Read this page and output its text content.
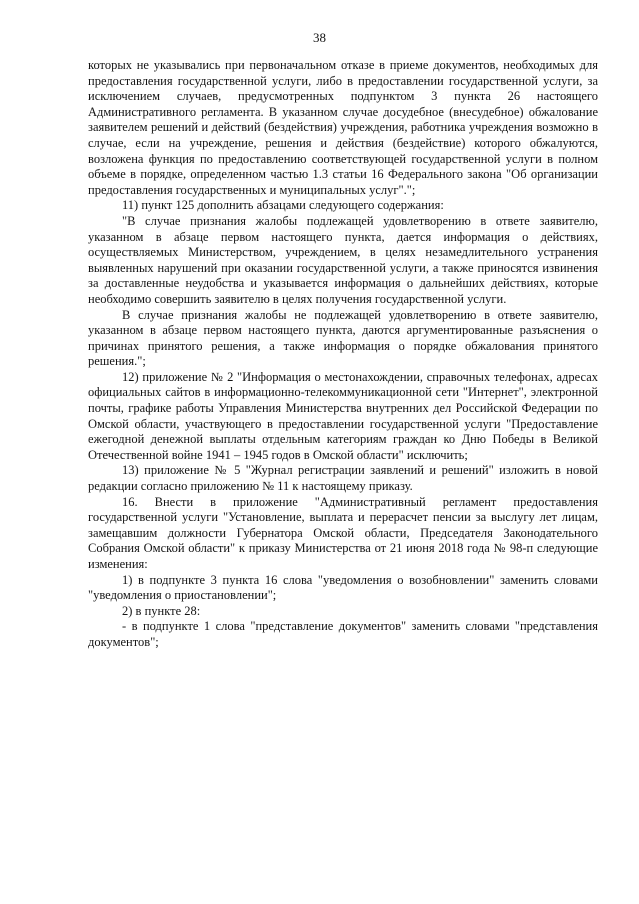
38

которых не указывались при первоначальном отказе в приеме документов, необходимых для предоставления государственной услуги, либо в предоставлении государственной услуги, за исключением случаев, предусмотренных подпунктом 3 пункта 26 настоящего Административного регламента. В указанном случае досудебное (внесудебное) обжалование заявителем решений и действий (бездействия) учреждения, работника учреждения возможно в случае, если на учреждение, решения и действия (бездействие) которого обжалуются, возложена функция по предоставлению соответствующей государственной услуги в полном объеме в порядке, определенном частью 1.3 статьи 16 Федерального закона "Об организации предоставления государственных и муниципальных услуг".";

11) пункт 125 дополнить абзацами следующего содержания:

"В случае признания жалобы подлежащей удовлетворению в ответе заявителю, указанном в абзаце первом настоящего пункта, дается информация о действиях, осуществляемых Министерством, учреждением, в целях незамедлительного устранения выявленных нарушений при оказании государственной услуги, а также приносятся извинения за доставленные неудобства и указывается информация о дальнейших действиях, которые необходимо совершить заявителю в целях получения государственной услуги.

В случае признания жалобы не подлежащей удовлетворению в ответе заявителю, указанном в абзаце первом настоящего пункта, даются аргументированные разъяснения о причинах принятого решения, а также информация о порядке обжалования принятого решения.";

12) приложение № 2 "Информация о местонахождении, справочных телефонах, адресах официальных сайтов в информационно-телекоммуникационной сети "Интернет", электронной почты, графике работы Управления Министерства внутренних дел Российской Федерации по Омской области, участвующего в предоставлении государственной услуги "Предоставление ежегодной денежной выплаты отдельным категориям граждан ко Дню Победы в Великой Отечественной войне 1941 – 1945 годов в Омской области" исключить;

13) приложение № 5 "Журнал регистрации заявлений и решений" изложить в новой редакции согласно приложению № 11 к настоящему приказу.

16. Внести в приложение "Административный регламент предоставления государственной услуги "Установление, выплата и перерасчет пенсии за выслугу лет лицам, замещавшим должности Губернатора Омской области, Председателя Законодательного Собрания Омской области" к приказу Министерства от 21 июня 2018 года № 98-п следующие изменения:

1) в подпункте 3 пункта 16 слова "уведомления о возобновлении" заменить словами "уведомления о приостановлении";

2) в пункте 28:

- в подпункте 1 слова "представление документов" заменить словами "представления документов";
